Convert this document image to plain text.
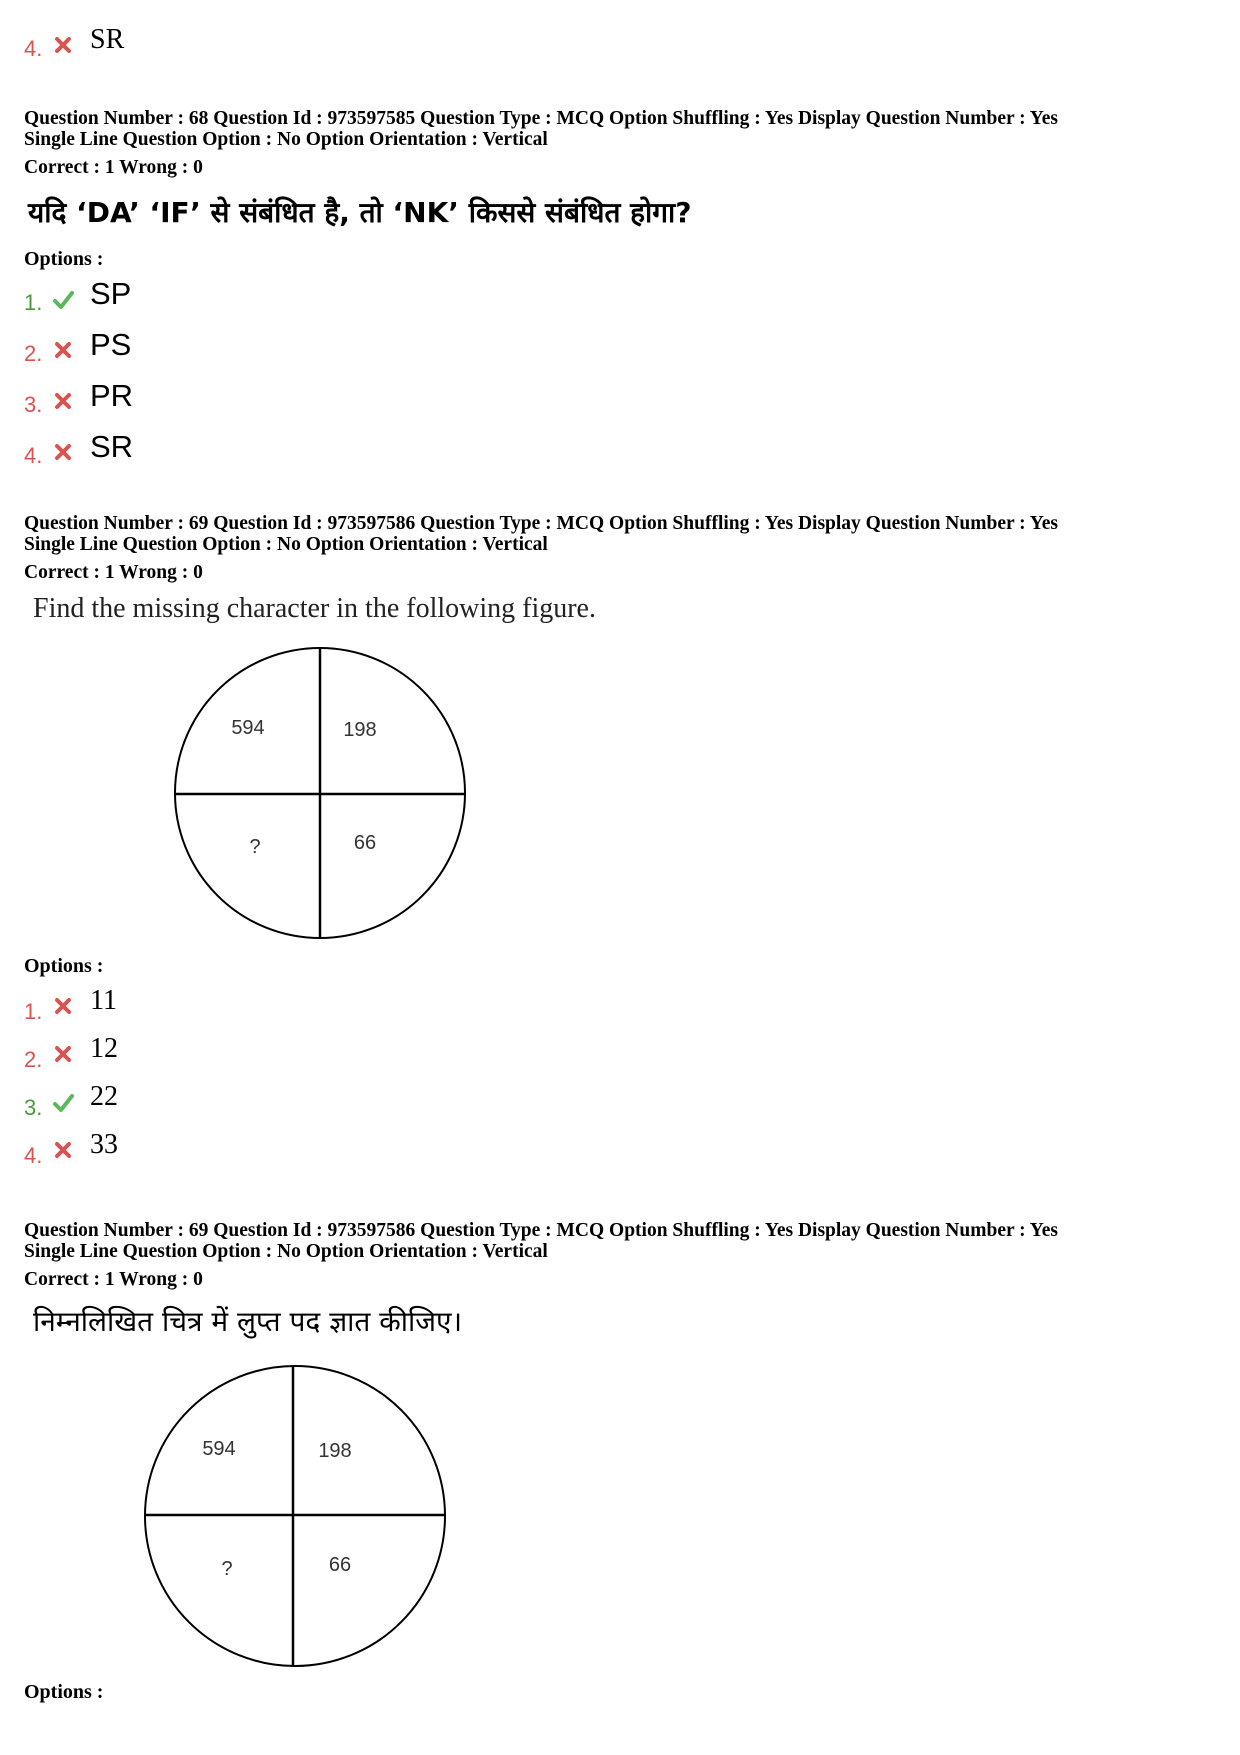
4. SR
Question Number : 68 Question Id : 973597585 Question Type : MCQ Option Shuffling : Yes Display Question Number : Yes
Single Line Question Option : No Option Orientation : Vertical
Correct : 1 Wrong : 0
यदि ‘DA’ ‘IF’ से संबंधित है, तो ‘NK’ किससे संबंधित होगा?
Options :
1. SP
2. PS
3. PR
4. SR
Question Number : 69 Question Id : 973597586 Question Type : MCQ Option Shuffling : Yes Display Question Number : Yes
Single Line Question Option : No Option Orientation : Vertical
Correct : 1 Wrong : 0
Find the missing character in the following figure.
594	198
?	66
Options :
1. 11
2. 12
3. 22
4. 33
Question Number : 69 Question Id : 973597586 Question Type : MCQ Option Shuffling : Yes Display Question Number : Yes
Single Line Question Option : No Option Orientation : Vertical
Correct : 1 Wrong : 0
निम्नलिखित चित्र में लुप्त पद ज्ञात कीजिए।
594	198
?	66
Options :
